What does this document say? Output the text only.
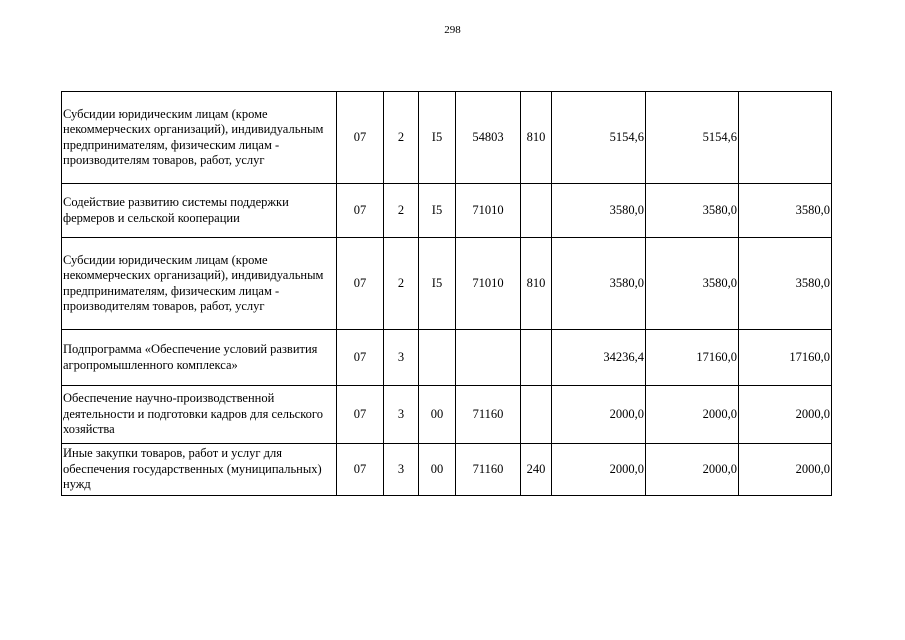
298
Субсидии юридическим лицам (кроме некоммерческих организаций), индивидуальным предпринимателям, физическим лицам - производителям товаров, работ, услуг	07	2	I5	54803	810	5154,6	5154,6	
Содействие развитию системы поддержки фермеров и сельской кооперации	07	2	I5	71010		3580,0	3580,0	3580,0
Субсидии юридическим лицам (кроме некоммерческих организаций), индивидуальным предпринимателям, физическим лицам - производителям товаров, работ, услуг	07	2	I5	71010	810	3580,0	3580,0	3580,0
Подпрограмма «Обеспечение условий развития агропромышленного комплекса»	07	3				34236,4	17160,0	17160,0
Обеспечение научно-производственной деятельности и подготовки кадров для сельского хозяйства	07	3	00	71160		2000,0	2000,0	2000,0
Иные закупки товаров, работ и услуг для обеспечения государственных (муниципальных) нужд	07	3	00	71160	240	2000,0	2000,0	2000,0
